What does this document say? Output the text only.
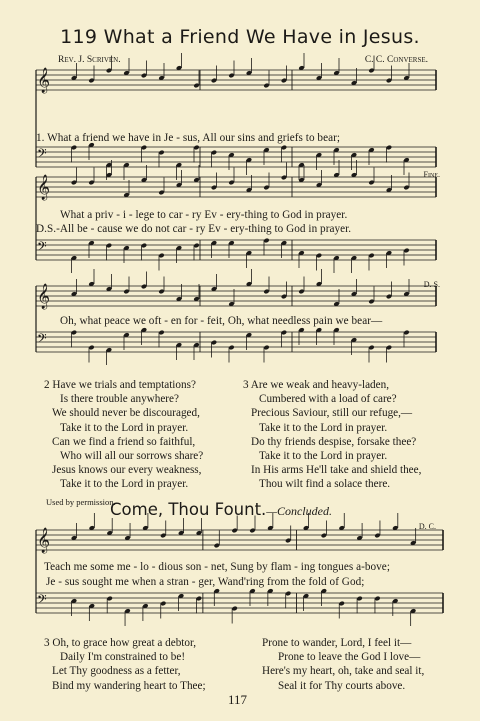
𝄞
𝄢
𝄞
𝄢
𝄞
𝄢
𝄞
𝄢
119 What a Friend We Have in Jesus.
Rev. J. Scriven.	C. C. Converse.
1. What a friend we have in Je - sus, All our sins and griefs to bear;
Fine.
What a priv - i - lege to car - ry Ev - ery-thing to God in prayer.
D.S.-All be - cause we do not car - ry Ev - ery-thing to God in prayer.
D. S.
Oh, what peace we oft - en for - feit, Oh, what needless pain we bear—
2 Have we trials and temptations?
Is there trouble anywhere?
We should never be discouraged,
Take it to the Lord in prayer.
Can we find a friend so faithful,
Who will all our sorrows share?
Jesus knows our every weakness,
Take it to the Lord in prayer.
3 Are we weak and heavy-laden,
Cumbered with a load of care?
Precious Saviour, still our refuge,—
Take it to the Lord in prayer.
Do thy friends despise, forsake thee?
Take it to the Lord in prayer.
In His arms He'll take and shield thee,
Thou wilt find a solace there.
Used by permission.
Come, Thou Fount.—Concluded.
D. C.
Teach me some me - lo - dious son - net, Sung by flam - ing tongues a-bove;
Je - sus sought me when a stran - ger, Wand'ring from the fold of God;
3 Oh, to grace how great a debtor,
Daily I'm constrained to be!
Let Thy goodness as a fetter,
Bind my wandering heart to Thee;
Prone to wander, Lord, I feel it—
Prone to leave the God I love—
Here's my heart, oh, take and seal it,
Seal it for Thy courts above.
117
